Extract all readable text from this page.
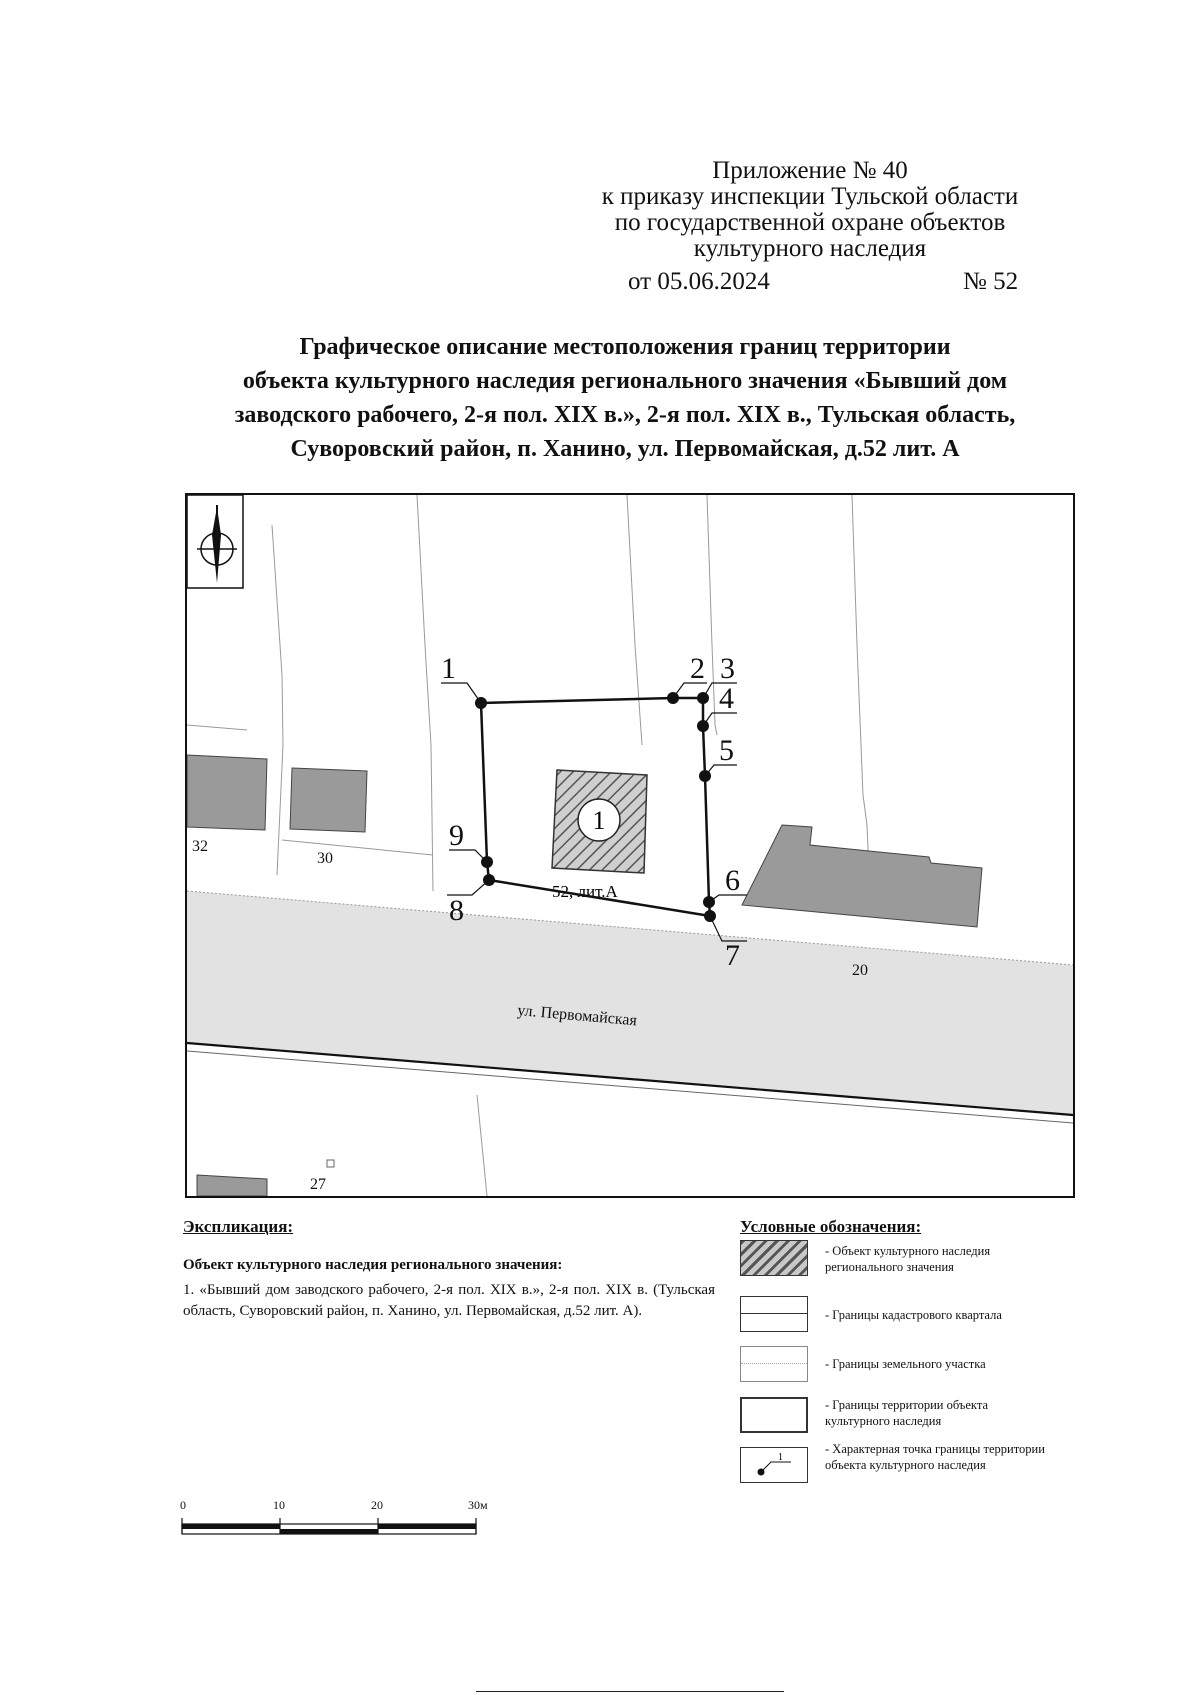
Приложение № 40
к приказу инспекции Тульской области
по государственной охране объектов
культурного наследия
от 05.06.2024	№ 52
Графическое описание местоположения границ территории
объекта культурного наследия регионального значения «Бывший дом
заводского рабочего, 2-я пол. XIX в.», 2-я пол. XIX в., Тульская область,
Суворовский район, п. Ханино, ул. Первомайская, д.52 лит. А
1
52, лит.А
1	2 3
4
5
6
7
8
9
32
30
20
27
ул. Первомайская
Экспликация:
Объект культурного наследия регионального значения:
1. «Бывший дом заводского рабочего, 2-я пол. XIX в.», 2-я пол. XIX в. (Тульская область, Суворовский район, п. Ханино, ул. Первомайская, д.52 лит. А).
Условные обозначения:
- Объект культурного наследия регионального значения
- Границы кадастрового квартала
- Границы земельного участка
- Границы территории объекта культурного наследия
1
- Характерная точка границы территории объекта культурного наследия
0	10	20	30м
